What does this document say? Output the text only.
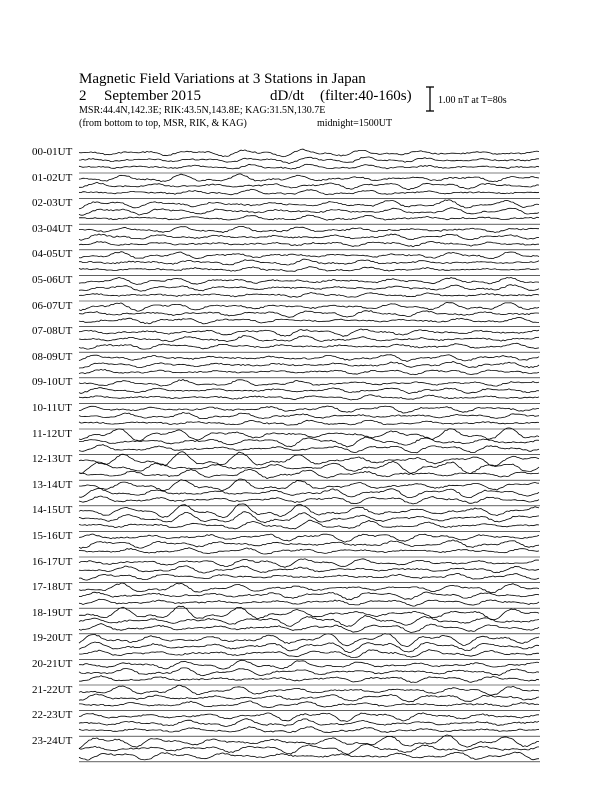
Magnetic Field Variations at 3 Stations in Japan
2 September 2015	dD/dt (filter:40-160s)
MSR:44.4N,142.3E; RIK:43.5N,143.8E; KAG:31.5N,130.7E
(from bottom to top, MSR, RIK, & KAG)	midnight=1500UT
1.00 nT at T=80s
00-01UT
01-02UT
02-03UT
03-04UT
04-05UT
05-06UT
06-07UT
07-08UT
08-09UT
09-10UT
10-11UT
11-12UT
12-13UT
13-14UT
14-15UT
15-16UT
16-17UT
17-18UT
18-19UT
19-20UT
20-21UT
21-22UT
22-23UT
23-24UT
